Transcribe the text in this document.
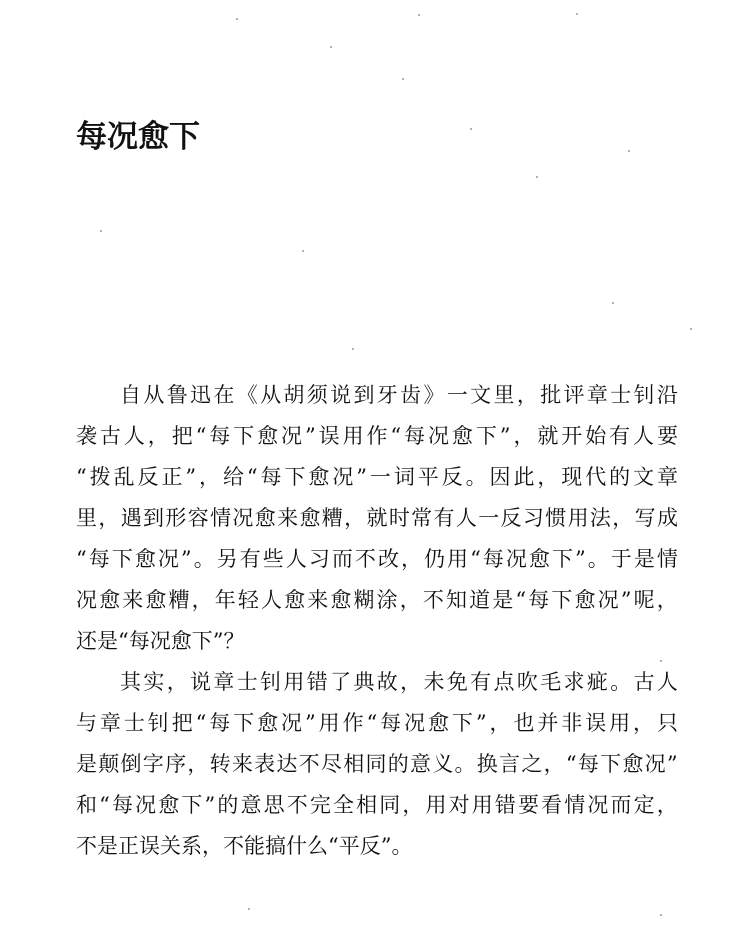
每况愈下
自 从 鲁 迅 在 《 从 胡 须 说 到 牙 齿 》 一 文 里 ， 批 评 章 士 钊 沿
袭 古 人 ， 把 “ 每 下 愈 况 ” 误 用 作 “ 每 况 愈 下 ” ， 就 开 始 有 人 要
“ 拨 乱 反 正 ” ， 给 “ 每 下 愈 况 ” 一 词 平 反 。 因 此 ， 现 代 的 文 章
里 ， 遇 到 形 容 情 况 愈 来 愈 糟 ， 就 时 常 有 人 一 反 习 惯 用 法 ， 写 成
“ 每 下 愈 况 ” 。 另 有 些 人 习 而 不 改 ， 仍 用 “ 每 况 愈 下 ” 。 于 是 情
况 愈 来 愈 糟 ， 年 轻 人 愈 来 愈 糊 涂 ， 不 知 道 是 “ 每 下 愈 况 ” 呢 ，
还是“每况愈下”？
其 实 ， 说 章 士 钊 用 错 了 典 故 ， 未 免 有 点 吹 毛 求 疵 。 古 人
与 章 士 钊 把 “ 每 下 愈 况 ” 用 作 “ 每 况 愈 下 ” ， 也 并 非 误 用 ， 只
是 颠 倒 字 序 ， 转 来 表 达 不 尽 相 同 的 意 义 。 换 言 之 ， “ 每 下 愈 况 ”
和 “ 每 况 愈 下 ” 的 意 思 不 完 全 相 同 ， 用 对 用 错 要 看 情 况 而 定 ，
不是正误关系，不能搞什么“平反”。
